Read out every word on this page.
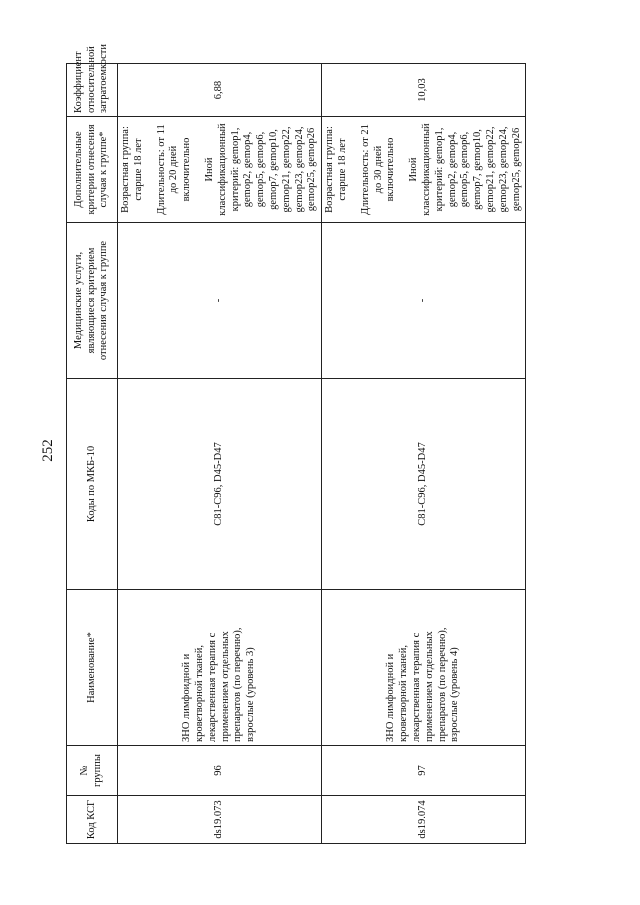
252
Код КСГ	№ группы	Наименование*	Коды по МКБ-10	Медицинские услуги, являющиеся критерием отнесения случая к группе	Дополнительные критерии отнесения случая к группе*	Коэффициент относительной затратоемкости
ds19.073	96	ЗНО лимфоидной и кроветворной тканей, лекарственная терапия с применением отдельных препаратов (по перечню), взрослые (уровень 3)	C81-C96, D45-D47	-	Возрастная группа: старше 18 лет Длительность: от 11 до 20 дней включительно Иной классификационный критерий: gemop1, gemop2, gemop4, gemop5, gemop6, gemop7, gemop10, gemop21, gemop22, gemop23, gemop24, gemop25, gemop26	6,88
ds19.074	97	ЗНО лимфоидной и кроветворной тканей, лекарственная терапия с применением отдельных препаратов (по перечню), взрослые (уровень 4)	C81-C96, D45-D47	-	Возрастная группа: старше 18 лет Длительность: от 21 до 30 дней включительно Иной классификационный критерий: gemop1, gemop2, gemop4, gemop5, gemop6, gemop7, gemop10, gemop21, gemop22, gemop23, gemop24, gemop25, gemop26	10,03
